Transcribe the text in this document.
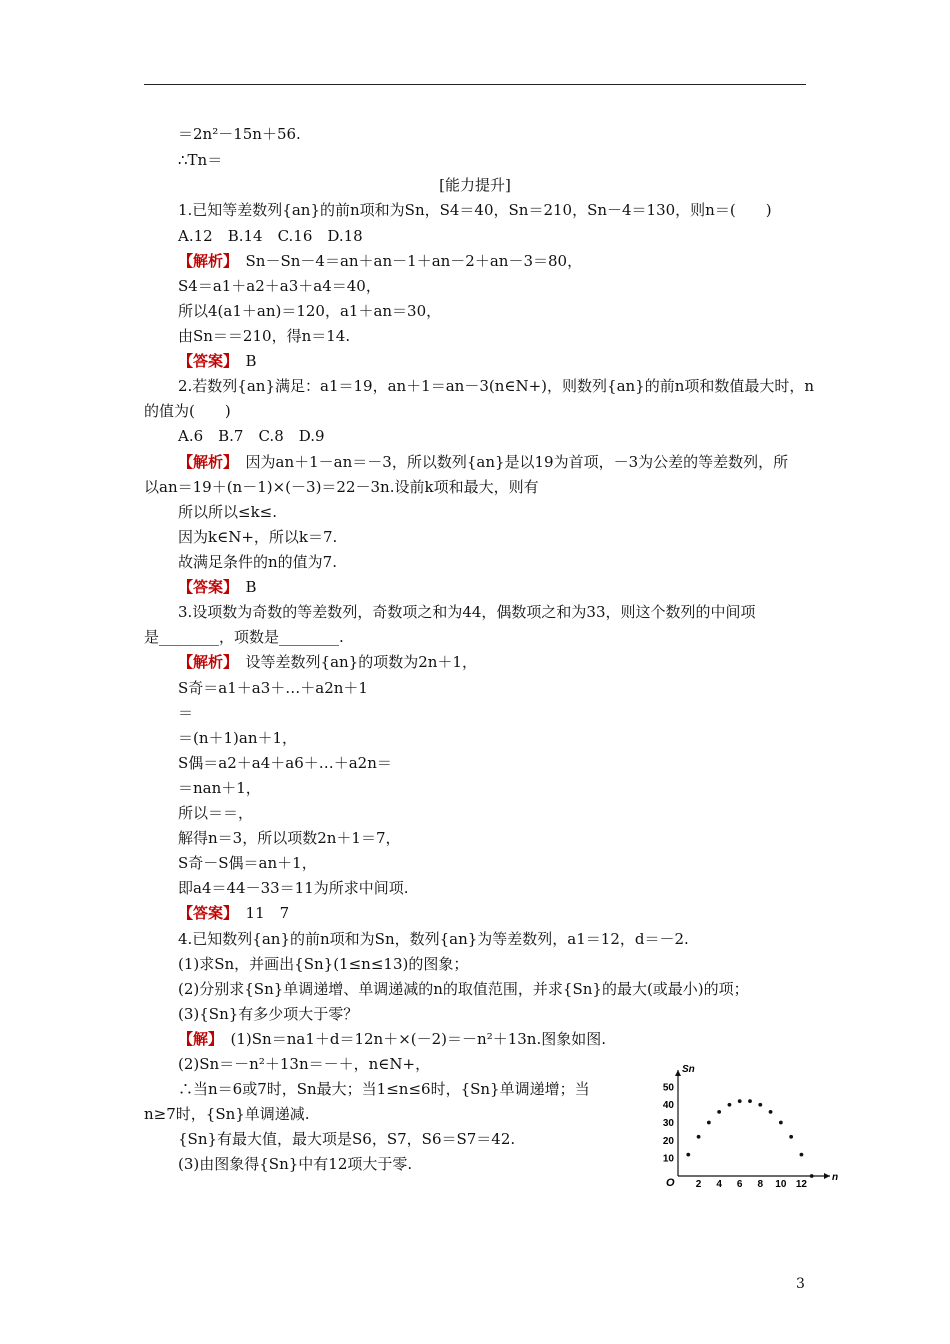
＝2n²－15n＋56.
∴Tn＝
[能力提升]
1.已知等差数列{an}的前n项和为Sn，S4＝40，Sn＝210，Sn－4＝130，则n＝(　　)
A.12　B.14　C.16　D.18
【解析】　 Sn－Sn－4＝an＋an－1＋an－2＋an－3＝80，
S4＝a1＋a2＋a3＋a4＝40，
所以4(a1＋an)＝120，a1＋an＝30，
由Sn＝＝210，得n＝14.
【答案】　 B
2.若数列{an}满足：a1＝19，an＋1＝an－3(n∈N+)，则数列{an}的前n项和数值最大时，n
的值为(　　)
A.6　B.7　C.8　D.9
【解析】　 因为an＋1－an＝－3，所以数列{an}是以19为首项，－3为公差的等差数列，所
以an＝19＋(n－1)×(－3)＝22－3n.设前k项和最大，则有
所以所以≤k≤.
因为k∈N+，所以k＝7.
故满足条件的n的值为7.
【答案】　 B
3.设项数为奇数的等差数列，奇数项之和为44，偶数项之和为33，则这个数列的中间项
是________，项数是________.
【解析】　 设等差数列{an}的项数为2n＋1，
S奇＝a1＋a3＋…＋a2n＋1
＝
＝(n＋1)an＋1，
S偶＝a2＋a4＋a6＋…＋a2n＝
＝nan＋1，
所以＝＝，
解得n＝3，所以项数2n＋1＝7，
S奇－S偶＝an＋1，
即a4＝44－33＝11为所求中间项.
【答案】　 11　7
4.已知数列{an}的前n项和为Sn，数列{an}为等差数列，a1＝12，d＝－2.
(1)求Sn，并画出{Sn}(1≤n≤13)的图象；
(2)分别求{Sn}单调递增、单调递减的n的取值范围，并求{Sn}的最大(或最小)的项；
(3){Sn}有多少项大于零？
【解】　 (1)Sn＝na1＋d＝12n＋×(－2)＝－n²＋13n.图象如图.
(2)Sn＝－n²＋13n＝－＋，n∈N+，
∴当n＝6或7时，Sn最大；当1≤n≤6时，{Sn}单调递增；当
n≥7时，{Sn}单调递减.
{Sn}有最大值，最大项是S6，S7，S6＝S7＝42.
(3)由图象得{Sn}中有12项大于零.
Sn
n
O 2 4 6 8 10 12
10
20
30
40
50
3
